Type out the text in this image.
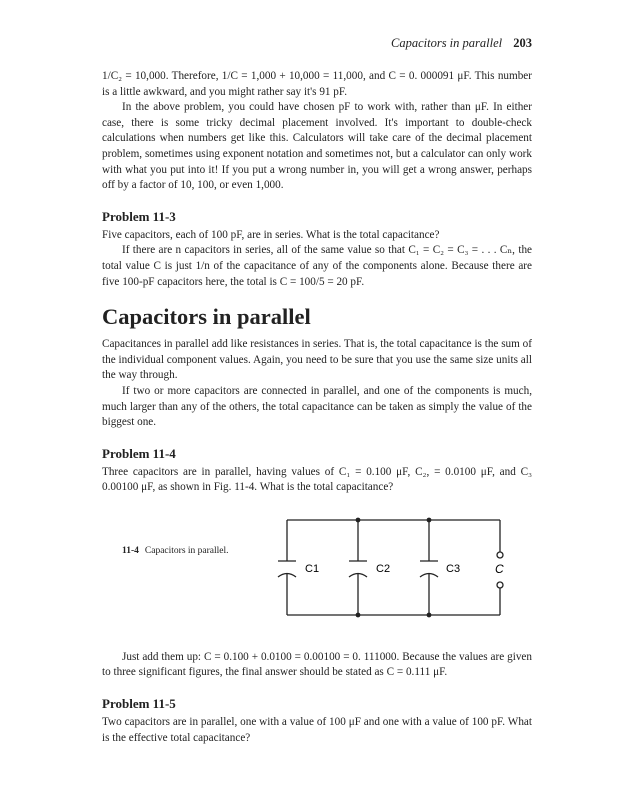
Capacitors in parallel 203

1/C₂ = 10,000. Therefore, 1/C = 1,000 + 10,000 = 11,000, and C = 0. 000091 μF. This number is a little awkward, and you might rather say it's 91 pF.

In the above problem, you could have chosen pF to work with, rather than μF. In either case, there is some tricky decimal placement involved. It's important to double-check calculations when numbers get like this. Calculators will take care of the decimal placement problem, sometimes using exponent notation and sometimes not, but a calculator can only work with what you put into it! If you put a wrong number in, you will get a wrong answer, perhaps off by a factor of 10, 100, or even 1,000.

Problem 11-3

Five capacitors, each of 100 pF, are in series. What is the total capacitance?

If there are n capacitors in series, all of the same value so that C₁ = C₂ = C₃ = . . . Cₙ, the total value C is just 1/n of the capacitance of any of the components alone. Because there are five 100-pF capacitors here, the total is C = 100/5 = 20 pF.

Capacitors in parallel

Capacitances in parallel add like resistances in series. That is, the total capacitance is the sum of the individual component values. Again, you need to be sure that you use the same size units all the way through.

If two or more capacitors are connected in parallel, and one of the components is much, much larger than any of the others, the total capacitance can be taken as simply the value of the biggest one.

Problem 11-4

Three capacitors are in parallel, having values of C₁ = 0.100 μF, C₂, = 0.0100 μF, and C₃ 0.00100 μF, as shown in Fig. 11-4. What is the total capacitance?

11-4 Capacitors in parallel.
C1	C2	C3	C

Just add them up: C = 0.100 + 0.0100 = 0.00100 = 0. 111000. Because the values are given to three significant figures, the final answer should be stated as C = 0.111 μF.

Problem 11-5

Two capacitors are in parallel, one with a value of 100 μF and one with a value of 100 pF. What is the effective total capacitance?
